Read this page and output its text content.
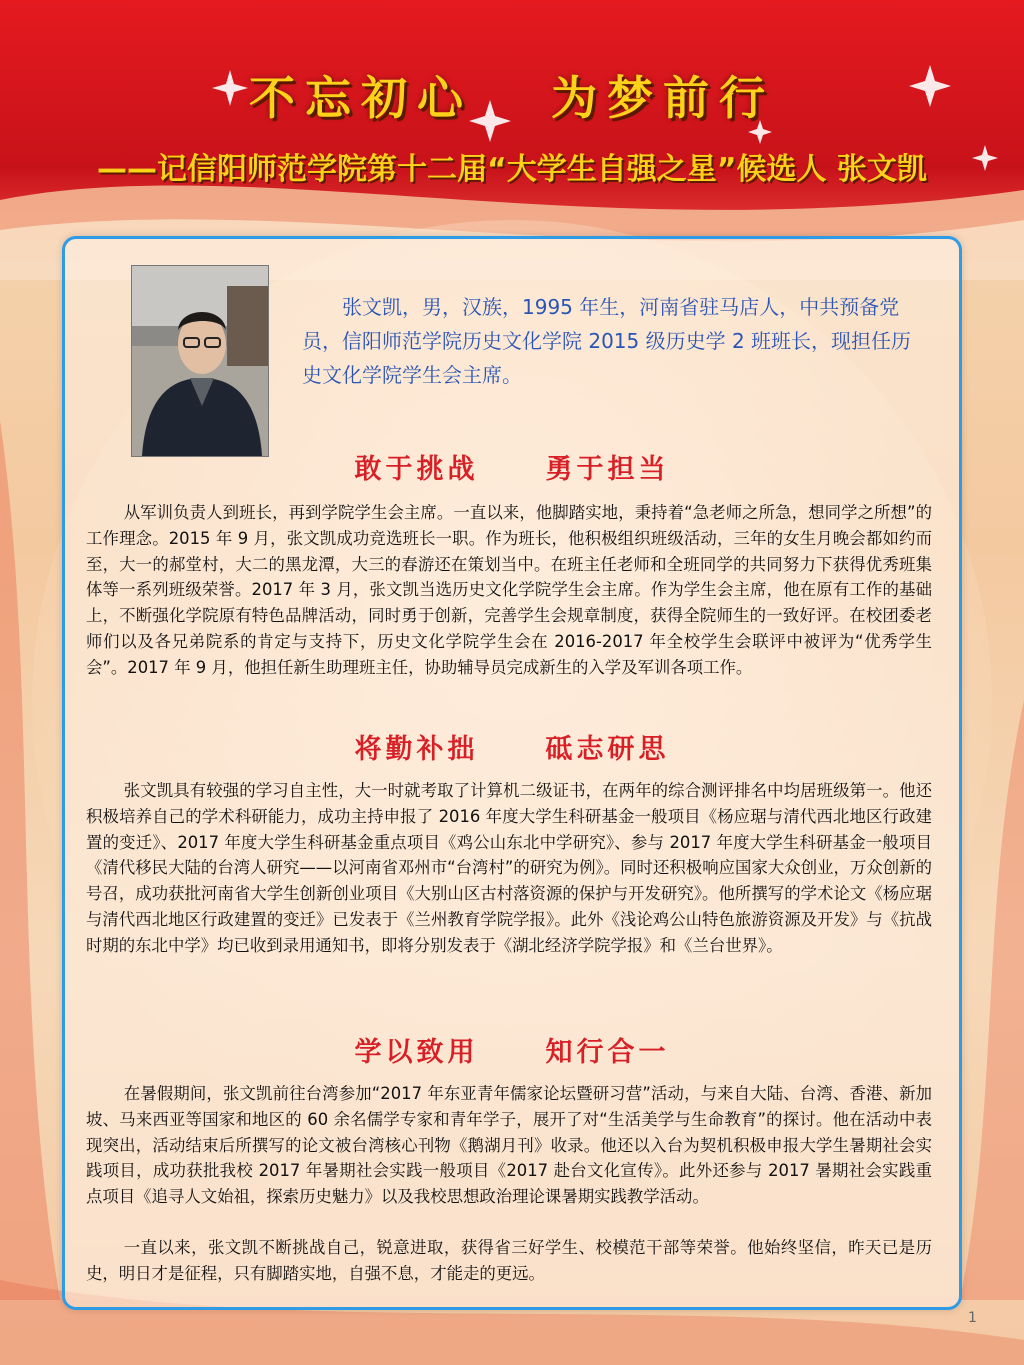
不忘初心   为梦前行
——记信阳师范学院第十二届“大学生自强之星”候选人 张文凯

张文凯，男，汉族，1995 年生，河南省驻马店人，中共预备党员，信阳师范学院历史文化学院 2015 级历史学 2 班班长，现担任历史文化学院学生会主席。

敢于挑战     勇于担当

从军训负责人到班长，再到学院学生会主席。一直以来，他脚踏实地，秉持着“急老师之所急，想同学之所想”的工作理念。2015 年 9 月，张文凯成功竞选班长一职。作为班长，他积极组织班级活动，三年的女生月晚会都如约而至，大一的郝堂村，大二的黑龙潭，大三的春游还在策划当中。在班主任老师和全班同学的共同努力下获得优秀班集体等一系列班级荣誉。2017 年 3 月，张文凯当选历史文化学院学生会主席。作为学生会主席，他在原有工作的基础上，不断强化学院原有特色品牌活动，同时勇于创新，完善学生会规章制度，获得全院师生的一致好评。在校团委老师们以及各兄弟院系的肯定与支持下，历史文化学院学生会在 2016-2017 年全校学生会联评中被评为“优秀学生会”。2017 年 9 月，他担任新生助理班主任，协助辅导员完成新生的入学及军训各项工作。

将勤补拙     砥志研思

张文凯具有较强的学习自主性，大一时就考取了计算机二级证书，在两年的综合测评排名中均居班级第一。他还积极培养自己的学术科研能力，成功主持申报了 2016 年度大学生科研基金一般项目《杨应琚与清代西北地区行政建置的变迁》、2017 年度大学生科研基金重点项目《鸡公山东北中学研究》、参与 2017 年度大学生科研基金一般项目《清代移民大陆的台湾人研究——以河南省邓州市“台湾村”的研究为例》。同时还积极响应国家大众创业，万众创新的号召，成功获批河南省大学生创新创业项目《大别山区古村落资源的保护与开发研究》。他所撰写的学术论文《杨应琚与清代西北地区行政建置的变迁》已发表于《兰州教育学院学报》。此外《浅论鸡公山特色旅游资源及开发》与《抗战时期的东北中学》均已收到录用通知书，即将分别发表于《湖北经济学院学报》和《兰台世界》。

学以致用     知行合一

在暑假期间，张文凯前往台湾参加“2017 年东亚青年儒家论坛暨研习营”活动，与来自大陆、台湾、香港、新加坡、马来西亚等国家和地区的 60 余名儒学专家和青年学子，展开了对“生活美学与生命教育”的探讨。他在活动中表现突出，活动结束后所撰写的论文被台湾核心刊物《鹅湖月刊》收录。他还以入台为契机积极申报大学生暑期社会实践项目，成功获批我校 2017 年暑期社会实践一般项目《2017 赴台文化宣传》。此外还参与 2017 暑期社会实践重点项目《追寻人文始祖，探索历史魅力》以及我校思想政治理论课暑期实践教学活动。

一直以来，张文凯不断挑战自己，锐意进取，获得省三好学生、校模范干部等荣誉。他始终坚信，昨天已是历史，明日才是征程，只有脚踏实地，自强不息，才能走的更远。

1
